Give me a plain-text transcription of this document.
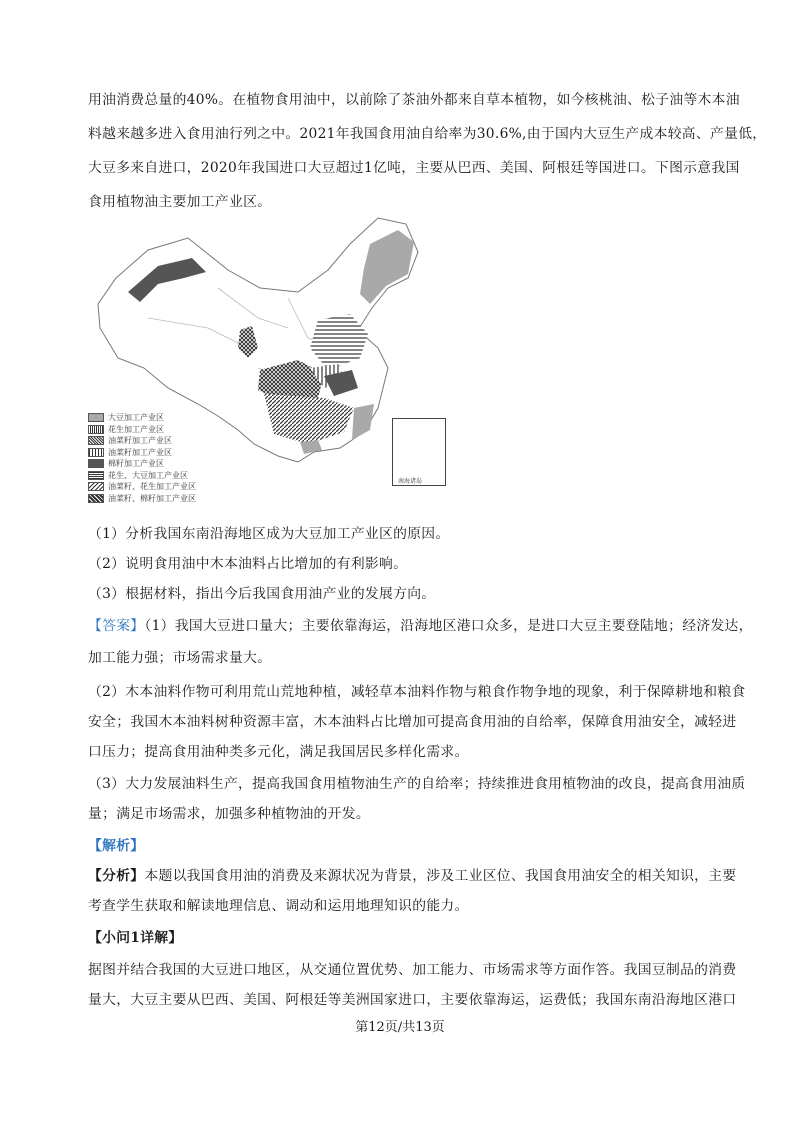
用油消费总量的40%。在植物食用油中，以前除了茶油外都来自草本植物，如今核桃油、松子油等木本油
料越来越多进入食用油行列之中。2021年我国食用油自给率为30.6%,由于国内大豆生产成本较高、产量低，
大豆多来自进口，2020年我国进口大豆超过1亿吨，主要从巴西、美国、阿根廷等国进口。下图示意我国
食用植物油主要加工产业区。
南海诸岛
大豆加工产业区
花生加工产业区
油菜籽加工产业区
油菜籽加工产业区
棉籽加工产业区
花生、大豆加工产业区
油菜籽、花生加工产业区
油菜籽、棉籽加工产业区
（1）分析我国东南沿海地区成为大豆加工产业区的原因。
（2）说明食用油中木本油料占比增加的有利影响。
（3）根据材料，指出今后我国食用油产业的发展方向。
【答案】（1）我国大豆进口量大；主要依靠海运，沿海地区港口众多，是进口大豆主要登陆地；经济发达，
加工能力强；市场需求量大。
（2）木本油料作物可利用荒山荒地种植，减轻草本油料作物与粮食作物争地的现象，利于保障耕地和粮食
安全；我国木本油料树种资源丰富，木本油料占比增加可提高食用油的自给率，保障食用油安全，减轻进
口压力；提高食用油种类多元化，满足我国居民多样化需求。
（3）大力发展油料生产，提高我国食用植物油生产的自给率；持续推进食用植物油的改良，提高食用油质
量；满足市场需求，加强多种植物油的开发。
【解析】
【分析】本题以我国食用油的消费及来源状况为背景，涉及工业区位、我国食用油安全的相关知识，主要
考查学生获取和解读地理信息、调动和运用地理知识的能力。
【小问1详解】
据图并结合我国的大豆进口地区，从交通位置优势、加工能力、市场需求等方面作答。我国豆制品的消费
量大，大豆主要从巴西、美国、阿根廷等美洲国家进口，主要依靠海运，运费低；我国东南沿海地区港口
第12页/共13页
